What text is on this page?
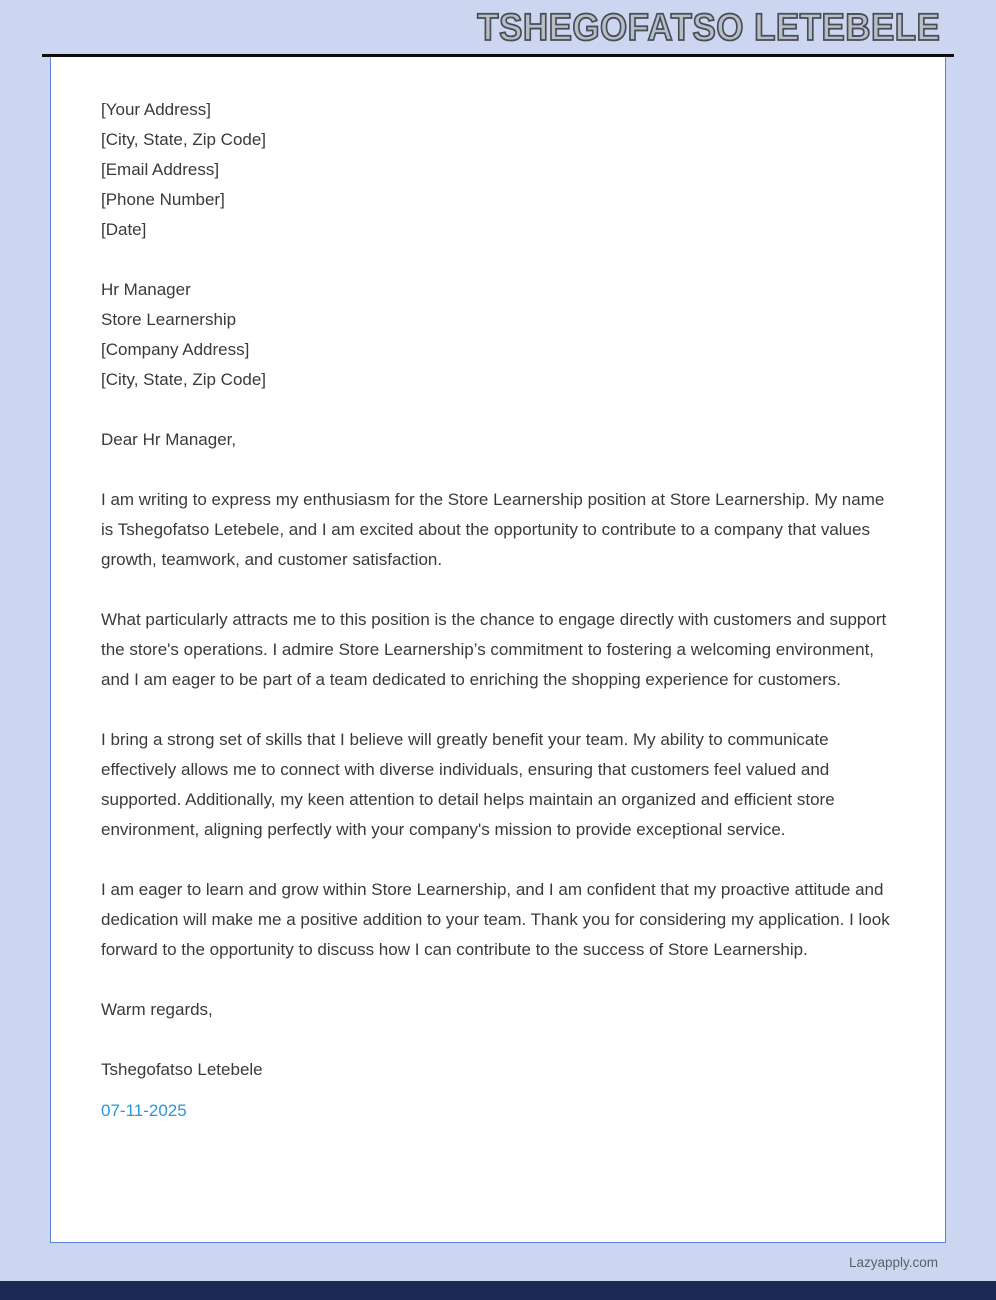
TSHEGOFATSO LETEBELE
[Your Address]
[City, State, Zip Code]
[Email Address]
[Phone Number]
[Date]
Hr Manager
Store Learnership
[Company Address]
[City, State, Zip Code]
Dear Hr Manager,

I am writing to express my enthusiasm for the Store Learnership position at Store Learnership. My name is Tshegofatso Letebele, and I am excited about the opportunity to contribute to a company that values growth, teamwork, and customer satisfaction.

What particularly attracts me to this position is the chance to engage directly with customers and support the store's operations. I admire Store Learnership’s commitment to fostering a welcoming environment, and I am eager to be part of a team dedicated to enriching the shopping experience for customers.

I bring a strong set of skills that I believe will greatly benefit your team. My ability to communicate effectively allows me to connect with diverse individuals, ensuring that customers feel valued and supported. Additionally, my keen attention to detail helps maintain an organized and efficient store environment, aligning perfectly with your company's mission to provide exceptional service.

I am eager to learn and grow within Store Learnership, and I am confident that my proactive attitude and dedication will make me a positive addition to your team. Thank you for considering my application. I look forward to the opportunity to discuss how I can contribute to the success of Store Learnership.

Warm regards,
Tshegofatso Letebele
07-11-2025
Lazyapply.com
